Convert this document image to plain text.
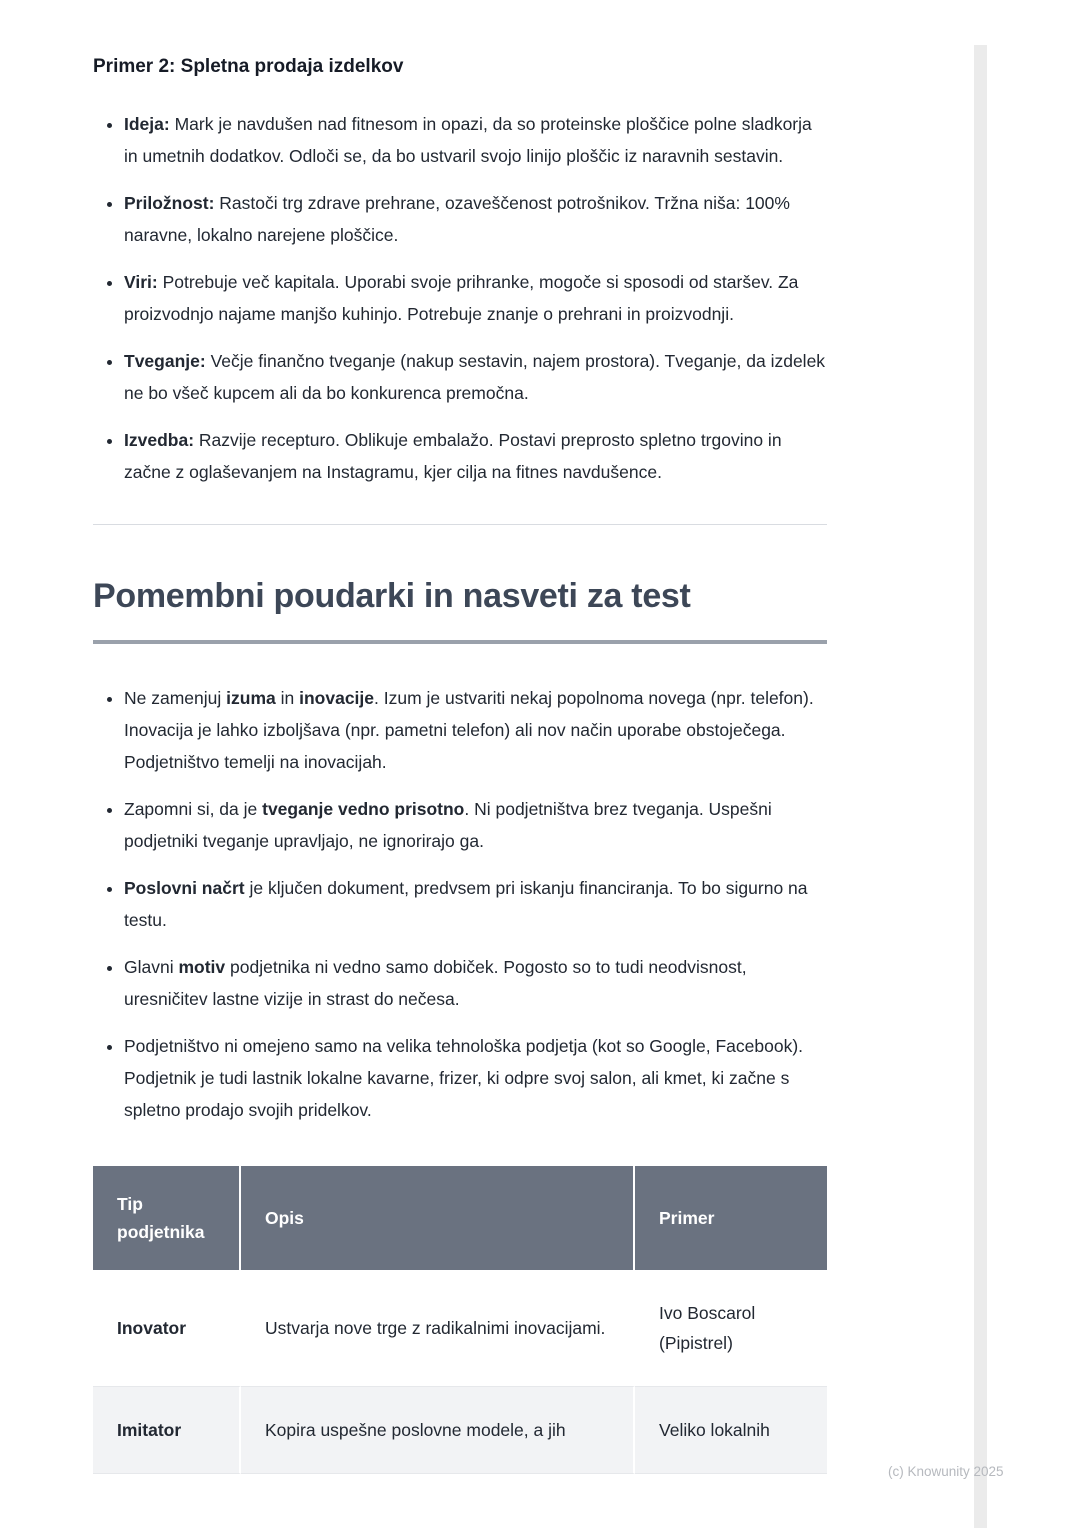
Primer 2: Spletna prodaja izdelkov
• Ideja: Mark je navdušen nad fitnesom in opazi, da so proteinske ploščice polne sladkorja in umetnih dodatkov. Odloči se, da bo ustvaril svojo linijo ploščic iz naravnih sestavin.
• Priložnost: Rastoči trg zdrave prehrane, ozaveščenost potrošnikov. Tržna niša: 100% naravne, lokalno narejene ploščice.
• Viri: Potrebuje več kapitala. Uporabi svoje prihranke, mogoče si sposodi od staršev. Za proizvodnjo najame manjšo kuhinjo. Potrebuje znanje o prehrani in proizvodnji.
• Tveganje: Večje finančno tveganje (nakup sestavin, najem prostora). Tveganje, da izdelek ne bo všeč kupcem ali da bo konkurenca premočna.
• Izvedba: Razvije recepturo. Oblikuje embalažo. Postavi preprosto spletno trgovino in začne z oglaševanjem na Instagramu, kjer cilja na fitnes navdušence.
Pomembni poudarki in nasveti za test
• Ne zamenjuj izuma in inovacije. Izum je ustvariti nekaj popolnoma novega (npr. telefon). Inovacija je lahko izboljšava (npr. pametni telefon) ali nov način uporabe obstoječega. Podjetništvo temelji na inovacijah.
• Zapomni si, da je tveganje vedno prisotno. Ni podjetništva brez tveganja. Uspešni podjetniki tveganje upravljajo, ne ignorirajo ga.
• Poslovni načrt je ključen dokument, predvsem pri iskanju financiranja. To bo sigurno na testu.
• Glavni motiv podjetnika ni vedno samo dobiček. Pogosto so to tudi neodvisnost, uresničitev lastne vizije in strast do nečesa.
• Podjetništvo ni omejeno samo na velika tehnološka podjetja (kot so Google, Facebook). Podjetnik je tudi lastnik lokalne kavarne, frizer, ki odpre svoj salon, ali kmet, ki začne s spletno prodajo svojih pridelkov.
Tip podjetnika	Opis	Primer
Inovator	Ustvarja nove trge z radikalnimi inovacijami.	Ivo Boscarol (Pipistrel)
Imitator	Kopira uspešne poslovne modele, a jih	Veliko lokalnih
(c) Knowunity 2025
